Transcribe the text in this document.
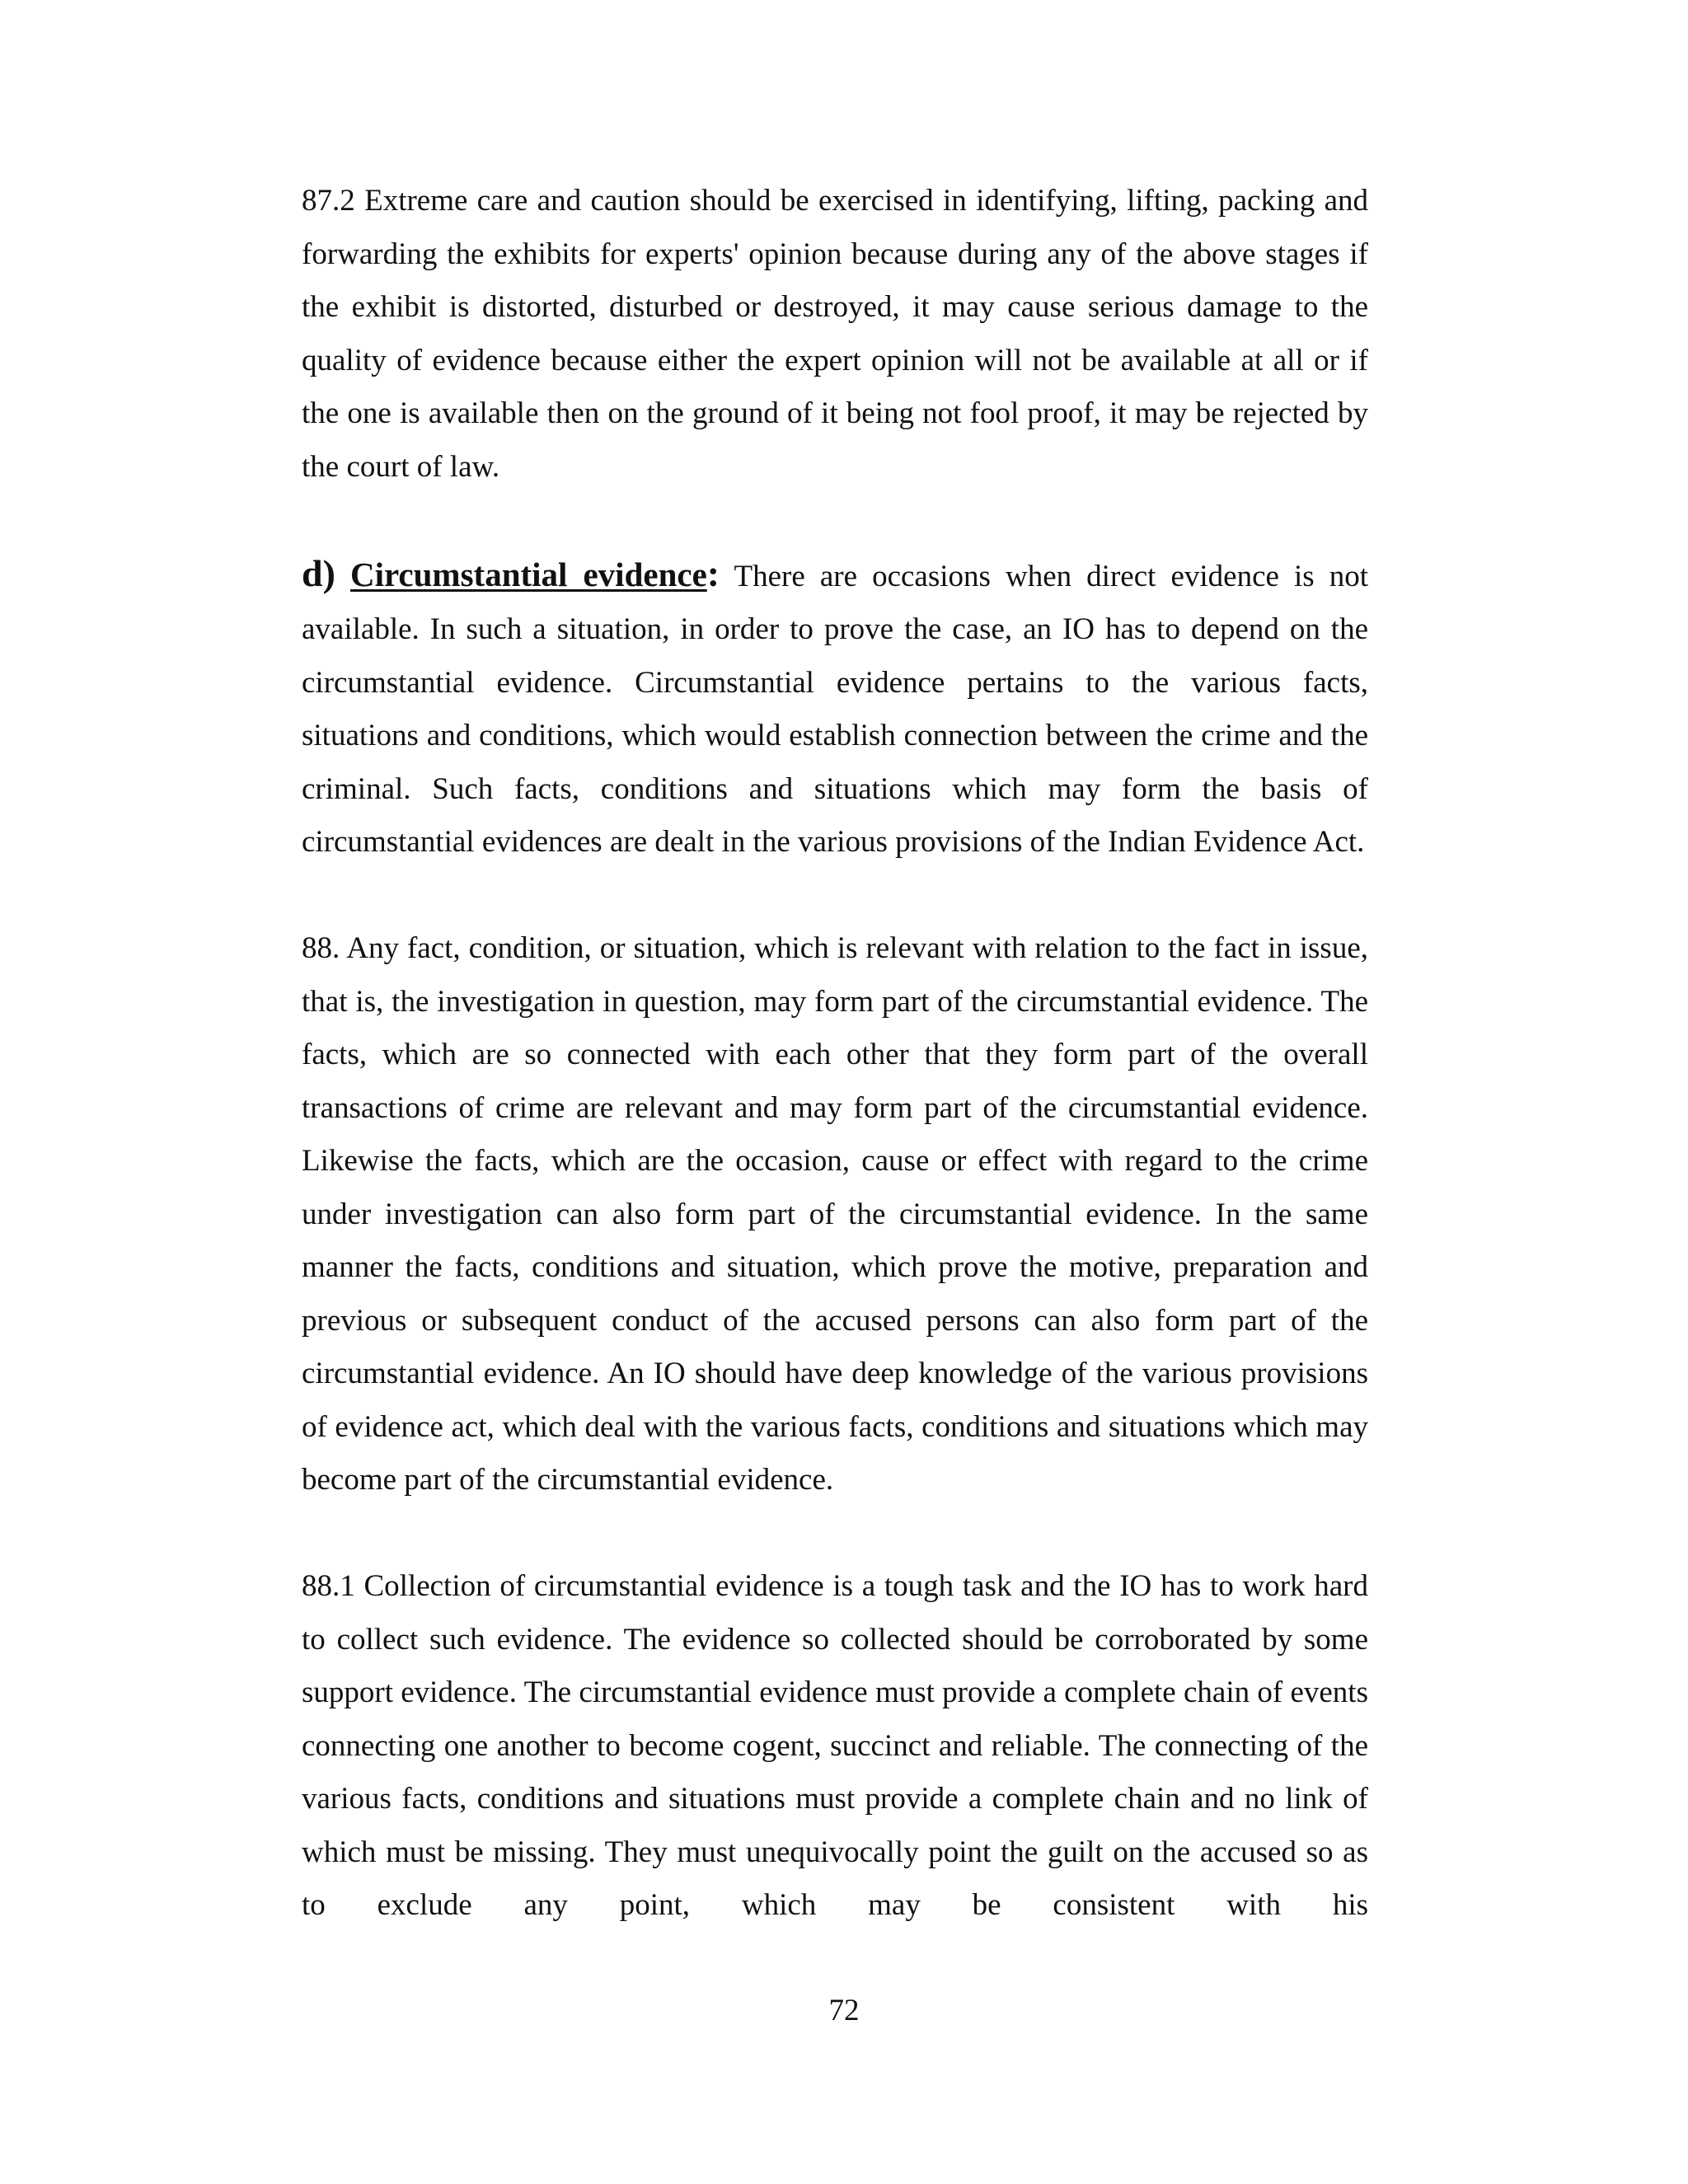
87.2 Extreme care and caution should be exercised in identifying, lifting, packing and forwarding the exhibits for experts' opinion because during any of the above stages if the exhibit is distorted, disturbed or destroyed, it may cause serious damage to the quality of evidence because either the expert opinion will not be available at all or if the one is available then on the ground of it being not fool proof, it may be rejected by the court of law.

d) Circumstantial evidence: There are occasions when direct evidence is not available. In such a situation, in order to prove the case, an IO has to depend on the circumstantial evidence. Circumstantial evidence pertains to the various facts, situations and conditions, which would establish connection between the crime and the criminal. Such facts, conditions and situations which may form the basis of circumstantial evidences are dealt in the various provisions of the Indian Evidence Act.

88. Any fact, condition, or situation, which is relevant with relation to the fact in issue, that is, the investigation in question, may form part of the circumstantial evidence. The facts, which are so connected with each other that they form part of the overall transactions of crime are relevant and may form part of the circumstantial evidence. Likewise the facts, which are the occasion, cause or effect with regard to the crime under investigation can also form part of the circumstantial evidence. In the same manner the facts, conditions and situation, which prove the motive, preparation and previous or subsequent conduct of the accused persons can also form part of the circumstantial evidence. An IO should have deep knowledge of the various provisions of evidence act, which deal with the various facts, conditions and situations which may become part of the circumstantial evidence.

88.1 Collection of circumstantial evidence is a tough task and the IO has to work hard to collect such evidence. The evidence so collected should be corroborated by some support evidence. The circumstantial evidence must provide a complete chain of events connecting one another to become cogent, succinct and reliable. The connecting of the various facts, conditions and situations must provide a complete chain and no link of which must be missing. They must unequivocally point the guilt on the accused so as to exclude any point, which may be consistent with his

72
